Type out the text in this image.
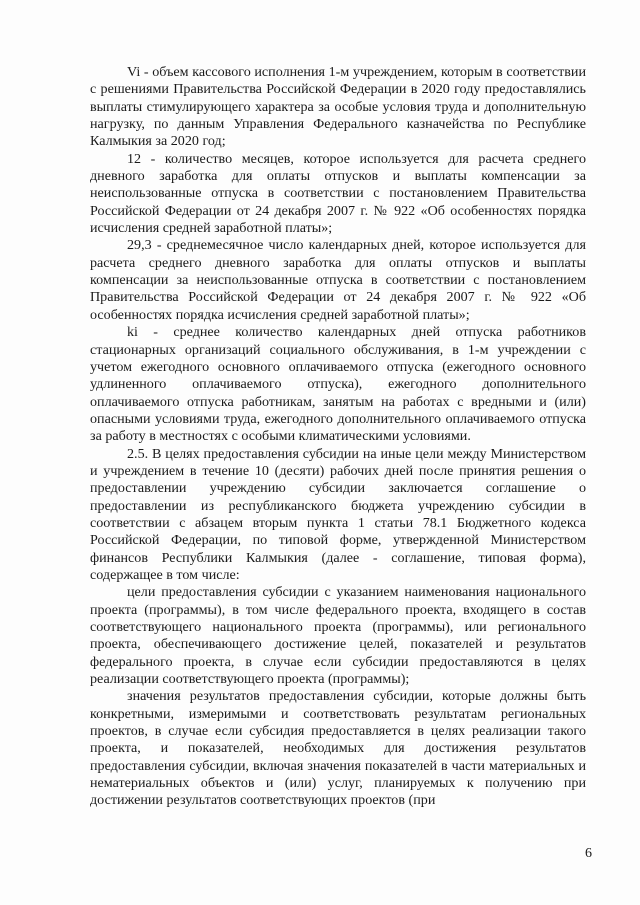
Vi - объем кассового исполнения 1-м учреждением, которым в соответствии с решениями Правительства Российской Федерации в 2020 году предоставлялись выплаты стимулирующего характера за особые условия труда и дополнительную нагрузку, по данным Управления Федерального казначейства по Республике Калмыкия за 2020 год;

12 - количество месяцев, которое используется для расчета среднего дневного заработка для оплаты отпусков и выплаты компенсации за неиспользованные отпуска в соответствии с постановлением Правительства Российской Федерации от 24 декабря 2007 г. № 922 «Об особенностях порядка исчисления средней заработной платы»;

29,3 - среднемесячное число календарных дней, которое используется для расчета среднего дневного заработка для оплаты отпусков и выплаты компенсации за неиспользованные отпуска в соответствии с постановлением Правительства Российской Федерации от 24 декабря 2007 г. № 922 «Об особенностях порядка исчисления средней заработной платы»;

ki - среднее количество календарных дней отпуска работников стационарных организаций социального обслуживания, в 1-м учреждении с учетом ежегодного основного оплачиваемого отпуска (ежегодного основного удлиненного оплачиваемого отпуска), ежегодного дополнительного оплачиваемого отпуска работникам, занятым на работах с вредными и (или) опасными условиями труда, ежегодного дополнительного оплачиваемого отпуска за работу в местностях с особыми климатическими условиями.

2.5. В целях предоставления субсидии на иные цели между Министерством и учреждением в течение 10 (десяти) рабочих дней после принятия решения о предоставлении учреждению субсидии заключается соглашение о предоставлении из республиканского бюджета учреждению субсидии в соответствии с абзацем вторым пункта 1 статьи 78.1 Бюджетного кодекса Российской Федерации, по типовой форме, утвержденной Министерством финансов Республики Калмыкия (далее - соглашение, типовая форма), содержащее в том числе:

цели предоставления субсидии с указанием наименования национального проекта (программы), в том числе федерального проекта, входящего в состав соответствующего национального проекта (программы), или регионального проекта, обеспечивающего достижение целей, показателей и результатов федерального проекта, в случае если субсидии предоставляются в целях реализации соответствующего проекта (программы);

значения результатов предоставления субсидии, которые должны быть конкретными, измеримыми и соответствовать результатам региональных проектов, в случае если субсидия предоставляется в целях реализации такого проекта, и показателей, необходимых для достижения результатов предоставления субсидии, включая значения показателей в части материальных и нематериальных объектов и (или) услуг, планируемых к получению при достижении результатов соответствующих проектов (при

6
